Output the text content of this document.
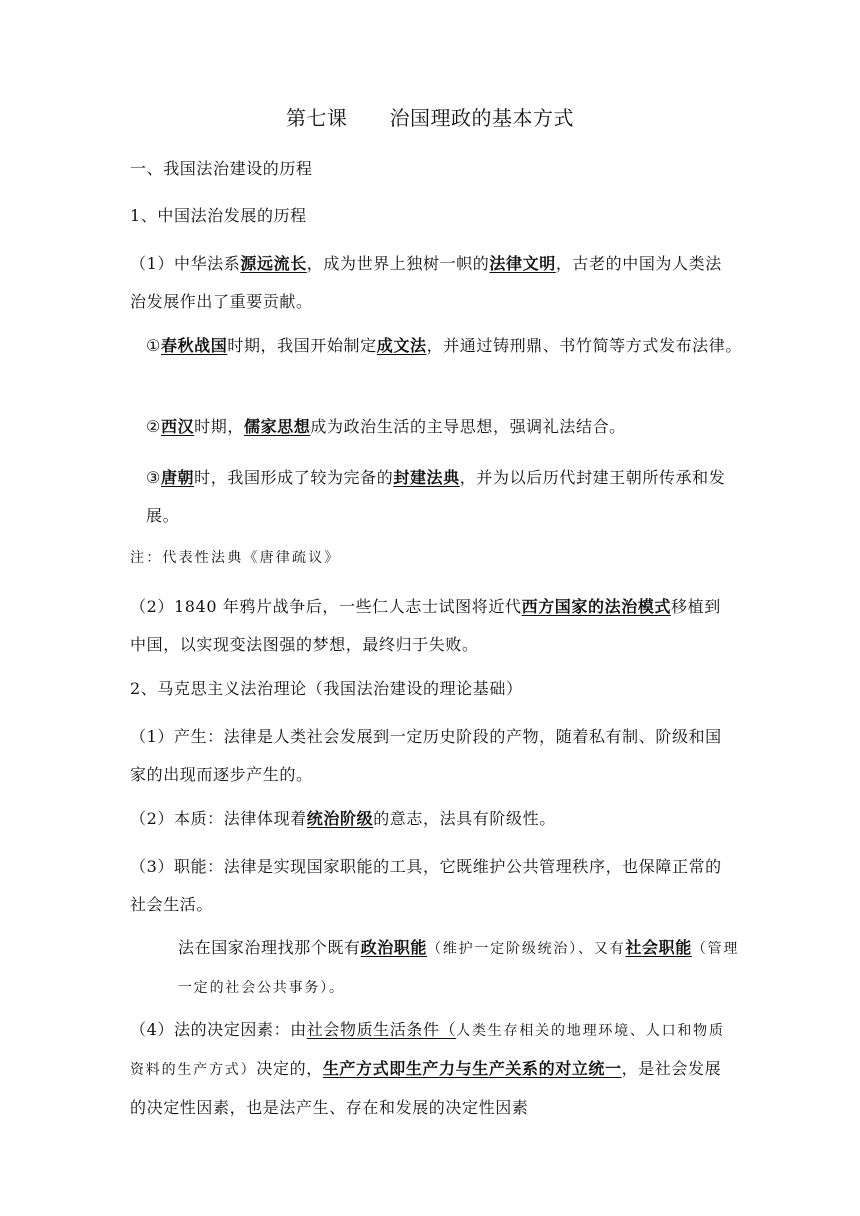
第七课 治国理政的基本方式
一、我国法治建设的历程
1、中国法治发展的历程
（1）中华法系源远流长，成为世界上独树一帜的法律文明，古老的中国为人类法治发展作出了重要贡献。
①春秋战国时期，我国开始制定成文法，并通过铸刑鼎、书竹简等方式发布法律。
②西汉时期，儒家思想成为政治生活的主导思想，强调礼法结合。
③唐朝时，我国形成了较为完备的封建法典，并为以后历代封建王朝所传承和发展。
注：代表性法典《唐律疏议》
（2）1840 年鸦片战争后，一些仁人志士试图将近代西方国家的法治模式移植到中国，以实现变法图强的梦想，最终归于失败。
2、马克思主义法治理论（我国法治建设的理论基础）
（1）产生：法律是人类社会发展到一定历史阶段的产物，随着私有制、阶级和国家的出现而逐步产生的。
（2）本质：法律体现着统治阶级的意志，法具有阶级性。
（3）职能：法律是实现国家职能的工具，它既维护公共管理秩序，也保障正常的社会生活。
法在国家治理找那个既有政治职能（维护一定阶级统治）、又有社会职能（管理一定的社会公共事务）。
（4）法的决定因素：由社会物质生活条件（人类生存相关的地理环境、人口和物质资料的生产方式）决定的，生产方式即生产力与生产关系的对立统一，是社会发展的决定性因素，也是法产生、存在和发展的决定性因素
